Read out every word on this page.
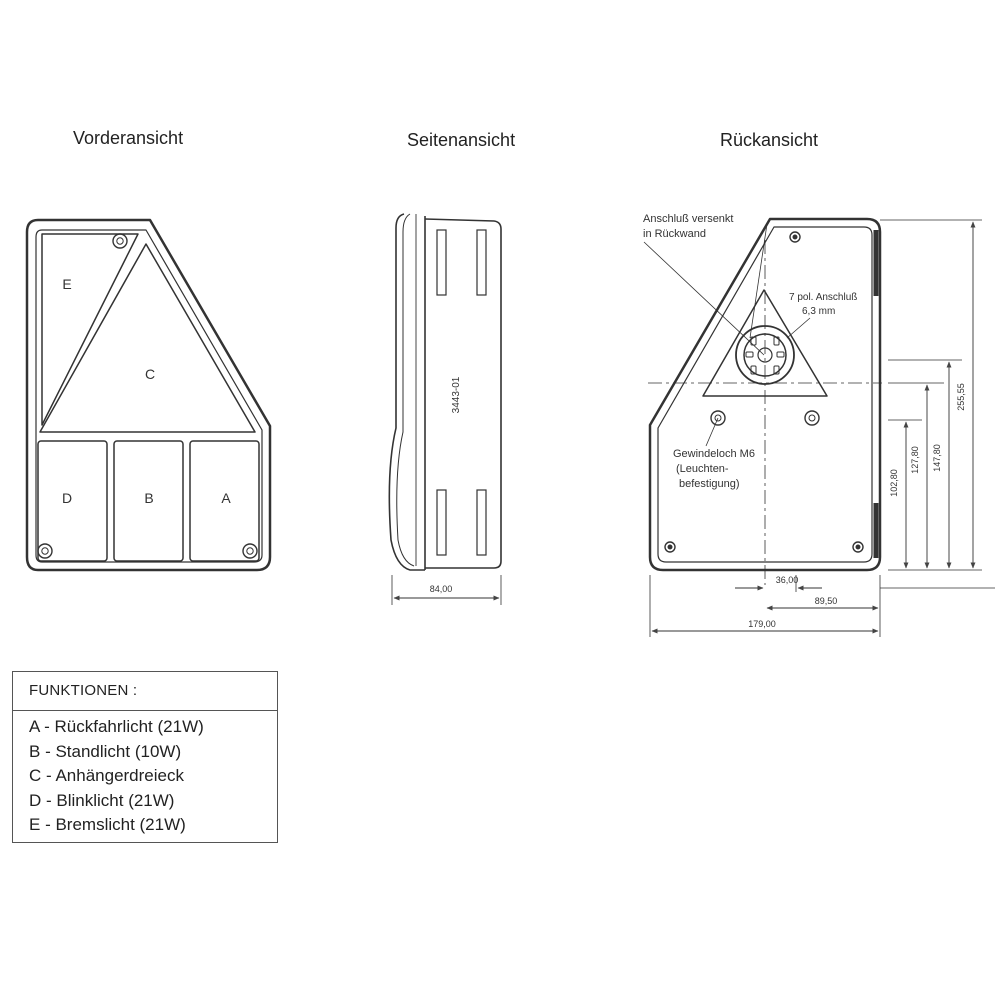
Vorderansicht	Seitenansicht	Rückansicht
E
C
D	B	A
3443-01
84,00
Anschluß versenkt
in Rückwand
7 pol. Anschluß
6,3 mm
Gewindeloch M6
(Leuchten-
befestigung)
36,00
89,50
179,00
102,80
127,80 147,80
255,55
FUNKTIONEN :
A - Rückfahrlicht (21W)
B - Standlicht (10W)
C - Anhängerdreieck
D - Blinklicht (21W)
E - Bremslicht (21W)
